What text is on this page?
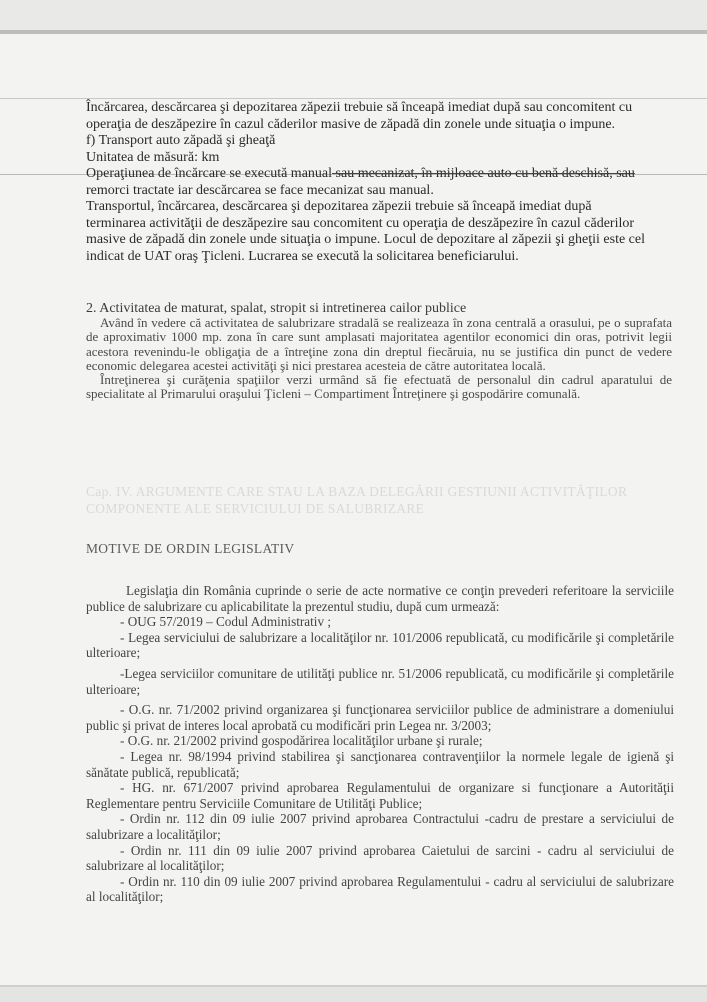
Încărcarea, descărcarea şi depozitarea zăpezii trebuie să înceapă imediat după sau concomitent cu

operaţia de deszăpezire în cazul căderilor masive de zăpadă din zonele unde situaţia o impune.

f) Transport auto zăpadă şi gheaţă

Unitatea de măsură: km

Operaţiunea de încărcare se execută manual sau mecanizat, în mijloace auto cu benă deschisă, sau

remorci tractate iar descărcarea se face mecanizat sau manual.

Transportul, încărcarea, descărcarea şi depozitarea zăpezii trebuie să înceapă imediat după

terminarea activităţii de deszăpezire sau concomitent cu operaţia de deszăpezire în cazul căderilor

masive de zăpadă din zonele unde situaţia o impune. Locul de depozitare al zăpezii şi gheţii este cel

indicat de UAT oraş Ţicleni. Lucrarea se execută la solicitarea beneficiarului.

2. Activitatea de maturat, spalat, stropit si intretinerea cailor publice

Având în vedere că activitatea de salubrizare stradală se realizeaza în zona centrală a orasului, pe o suprafata de aproximativ 1000 mp. zona în care sunt amplasati majoritatea agentilor economici din oras, potrivit legii acestora revenindu-le obligaţia de a întreţine zona din dreptul fiecăruia, nu se justifica din punct de vedere economic delegarea acestei activităţi şi nici prestarea acesteia de către autoritatea locală.

Întreţinerea şi curăţenia spaţiilor verzi urmând să fie efectuată de personalul din cadrul aparatului de specialitate al Primarului oraşului Ţicleni – Compartiment Întreţinere şi gospodărire comunală.

Cap. IV. ARGUMENTE CARE STAU LA BAZA DELEGĂRII GESTIUNII ACTIVITĂŢILOR
COMPONENTE ALE SERVICIULUI DE SALUBRIZARE
MOTIVE DE ORDIN LEGISLATIV

Legislaţia din România cuprinde o serie de acte normative ce conţin prevederi referitoare la serviciile publice de salubrizare cu aplicabilitate la prezentul studiu, după cum urmează:

- OUG 57/2019 – Codul Administrativ ;

- Legea serviciului de salubrizare a localităţilor nr. 101/2006 republicată, cu modificările şi completările ulterioare;

-Legea serviciilor comunitare de utilităţi publice nr. 51/2006 republicată, cu modificările şi completările ulterioare;

- O.G. nr. 71/2002 privind organizarea şi funcţionarea serviciilor publice de administrare a domeniului public şi privat de interes local aprobată cu modificări prin Legea nr. 3/2003;

- O.G. nr. 21/2002 privind gospodărirea localităţilor urbane şi rurale;

- Legea nr. 98/1994 privind stabilirea şi sancţionarea contravenţiilor la normele legale de igienă şi sănătate publică, republicată;

- HG. nr. 671/2007 privind aprobarea Regulamentului de organizare si funcţionare a Autorităţii Reglementare pentru Serviciile Comunitare de Utilităţi Publice;

- Ordin nr. 112 din 09 iulie 2007 privind aprobarea Contractului -cadru de prestare a serviciului de salubrizare a localităţilor;

- Ordin nr. 111 din 09 iulie 2007 privind aprobarea Caietului de sarcini - cadru al serviciului de salubrizare al localităţilor;

- Ordin nr. 110 din 09 iulie 2007 privind aprobarea Regulamentului - cadru al serviciului de salubrizare al localităţilor;
